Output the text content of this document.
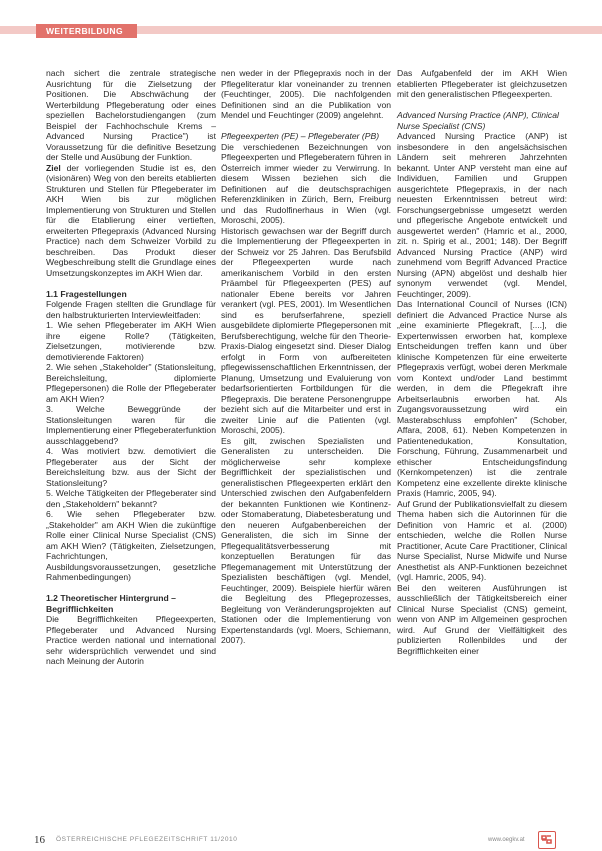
WEITERBILDUNG

nach sichert die zentrale strategische Ausrichtung für die Zielsetzung der Positionen. Die Abschwächung der Werterbildung Pflegeberatung oder eines speziellen Bachelorstudiengangen (zum Beispiel der Fachhochschule Krems – Advanced Nursing Practice") ist Voraussetzung für die definitive Besetzung der Stelle und Ausübung der Funktion.

Ziel der vorliegenden Studie ist es, den (visionären) Weg von den bereits etablierten Strukturen und Stellen für Pflegeberater im AKH Wien bis zur möglichen Implementierung von Strukturen und Stellen für die Etablierung einer vertieften, erweiterten Pflegepraxis (Advanced Nursing Practice) nach dem Schweizer Vorbild zu beschreiben. Das Produkt dieser Wegbeschreibung stellt die Grundlage eines Umsetzungskonzeptes im AKH Wien dar.

1.1 Fragestellungen

Folgende Fragen stellten die Grundlage für den halbstrukturierten Interviewleitfaden:

1. Wie sehen Pflegeberater im AKH Wien ihre eigene Rolle? (Tätigkeiten, Zielsetzungen, motivierende bzw. demotivierende Faktoren)

2. Wie sehen „Stakeholder" (Stationsleitung, Bereichsleitung, diplomierte Pflegepersonen) die Rolle der Pflegeberater am AKH Wien?

3. Welche Beweggründe der Stationsleitungen waren für die Implementierung einer Pflegeberaterfunktion ausschlaggebend?

4. Was motiviert bzw. demotiviert die Pflegeberater aus der Sicht der Bereichsleitung bzw. aus der Sicht der Stationsleitung?

5. Welche Tätigkeiten der Pflegeberater sind den „Stakeholdern" bekannt?

6. Wie sehen Pflegeberater bzw. „Stakeholder" am AKH Wien die zukünftige Rolle einer Clinical Nurse Specialist (CNS) am AKH Wien? (Tätigkeiten, Zielsetzungen, Fachrichtungen, Ausbildungsvoraussetzungen, gesetzliche Rahmenbedingungen)

1.2 Theoretischer Hintergrund – Begrifflichkeiten

Die Begrifflichkeiten Pflegeexperten, Pflegeberater und Advanced Nursing Practice werden national und international sehr widersprüchlich verwendet und sind nach Meinung der Autorin

nen weder in der Pflegepraxis noch in der Pflegeliteratur klar voneinander zu trennen (Feuchtinger, 2005). Die nachfolgenden Definitionen sind an die Publikation von Mendel und Feuchtinger (2009) angelehnt.

Pflegeexperten (PE) – Pflegeberater (PB)

Die verschiedenen Bezeichnungen von Pflegeexperten und Pflegeberatern führen in Österreich immer wieder zu Verwirrung. In diesem Wissen beziehen sich die Definitionen auf die deutschsprachigen Referenzkliniken in Zürich, Bern, Freiburg und das Rudolfinerhaus in Wien (vgl. Moroschi, 2005).

Historisch gewachsen war der Begriff durch die Implementierung der Pflegeexperten in der Schweiz vor 25 Jahren. Das Berufsbild der Pflegeexperten wurde nach amerikanischem Vorbild in den ersten Präambel für Pflegeexperten (PES) auf nationaler Ebene bereits vor Jahren verankert (vgl. PES, 2001). Im Wesentlichen sind es berufserfahrene, speziell ausgebildete diplomierte Pflegepersonen mit Berufsberechtigung, welche für den Theorie-Praxis-Dialog eingesetzt sind. Dieser Dialog erfolgt in Form von aufbereiteten pflegewissenschaftlichen Erkenntnissen, der Planung, Umsetzung und Evaluierung von bedarfsorientierten Fortbildungen für die Pflegepraxis. Die beratene Personengruppe bezieht sich auf die Mitarbeiter und erst in zweiter Linie auf die Patienten (vgl. Moroschi, 2005).

Es gilt, zwischen Spezialisten und Generalisten zu unterscheiden. Die möglicherweise sehr komplexe Begrifflichkeit der spezialistischen und generalistischen Pflegeexperten erklärt den Unterschied zwischen den Aufgabenfeldern der bekannten Funktionen wie Kontinenz- oder Stomaberatung, Diabetesberatung und den neueren Aufgabenbereichen der Generalisten, die sich im Sinne der Pflegequalitätsverbesserung mit konzeptuellen Beratungen für das Pflegemanagement mit Unterstützung der Spezialisten beschäftigen (vgl. Mendel, Feuchtinger, 2009). Beispiele hierfür wären die Begleitung des Pflegeprozesses, Begleitung von Veränderungsprojekten auf Stationen oder die Implementierung von Expertenstandards (vgl. Moers, Schiemann, 2007).

Das Aufgabenfeld der im AKH Wien etablierten Pflegeberater ist gleichzusetzen mit den generalistischen Pflegeexperten.

Advanced Nursing Practice (ANP), Clinical Nurse Specialist (CNS)

Advanced Nursing Practice (ANP) ist insbesondere in den angelsächsischen Ländern seit mehreren Jahrzehnten bekannt. Unter ANP versteht man eine auf Individuen, Familien und Gruppen ausgerichtete Pflegepraxis, in der nach neuesten Erkenntnissen betreut wird: Forschungsergebnisse umgesetzt werden und pflegerische Angebote entwickelt und ausgewertet werden" (Hamric et al., 2000, zit. n. Spirig et al., 2001; 148). Der Begriff Advanced Nursing Practice (ANP) wird zunehmend vom Begriff Advanced Practice Nursing (APN) abgelöst und deshalb hier synonym verwendet (vgl. Mendel, Feuchtinger, 2009).

Das International Council of Nurses (ICN) definiert die Advanced Practice Nurse als „eine examinierte Pflegekraft, [....], die Expertenwissen erworben hat, komplexe Entscheidungen treffen kann und über klinische Kompetenzen für eine erweiterte Pflegepraxis verfügt, wobei deren Merkmale vom Kontext und/oder Land bestimmt werden, in dem die Pflegekraft ihre Arbeitserlaubnis erworben hat. Als Zugangsvoraussetzung wird ein Masterabschluss empfohlen" (Schober, Affara, 2008, 61). Neben Kompetenzen in Patientenedukation, Konsultation, Forschung, Führung, Zusammenarbeit und ethischer Entscheidungsfindung (Kernkompetenzen) ist die zentrale Kompetenz eine exzellente direkte klinische Praxis (Hamric, 2005, 94).

Auf Grund der Publikationsvielfalt zu diesem Thema haben sich die Autorinnen für die Definition von Hamric et al. (2000) entschieden, welche die Rollen Nurse Practitioner, Acute Care Practitioner, Clinical Nurse Specialist, Nurse Midwife und Nurse Anesthetist als ANP-Funktionen bezeichnet (vgl. Hamric, 2005, 94).

Bei den weiteren Ausführungen ist ausschließlich der Tätigkeitsbereich einer Clinical Nurse Specialist (CNS) gemeint, wenn von ANP im Allgemeinen gesprochen wird. Auf Grund der Vielfältigkeit des publizierten Rollenbildes und der Begrifflichkeiten einer

16 ÖSTERREICHISCHE PFLEGEZEITSCHRIFT 11/2010	www.oegkv.at
